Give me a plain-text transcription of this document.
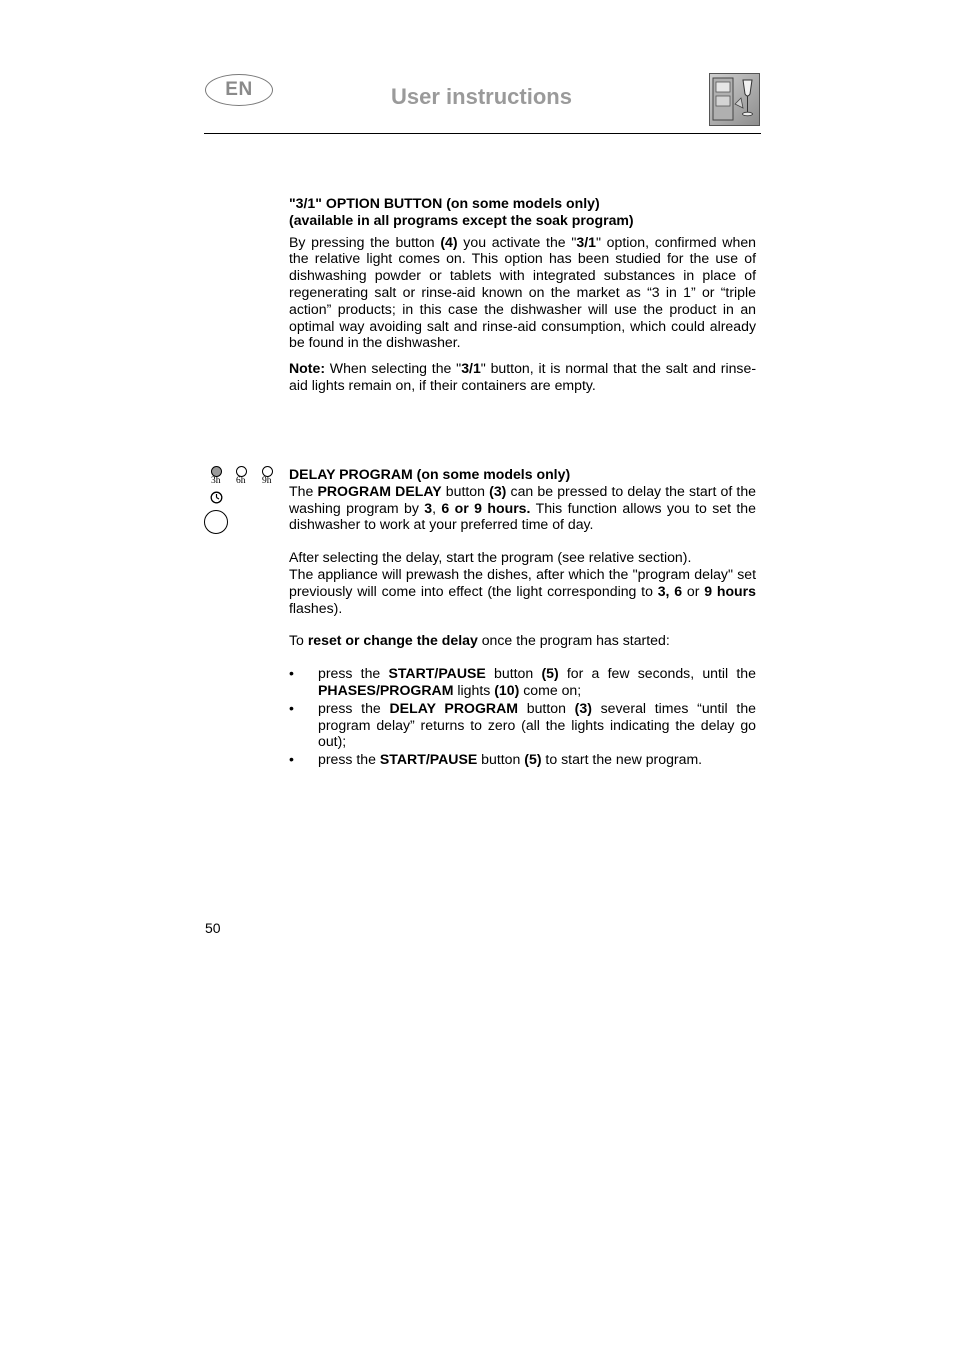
EN	User instructions
"3/1" OPTION BUTTON (on some models only)
(available in all programs except the soak program)

By pressing the button (4) you activate the "3/1" option, confirmed when the relative light comes on. This option has been studied for the use of dishwashing powder or tablets with integrated substances in place of regenerating salt or rinse-aid known on the market as “3 in 1” or “triple action” products; in this case the dishwasher will use the product in an optimal way avoiding salt and rinse-aid consumption, which could already be found in the dishwasher.

Note: When selecting the "3/1" button, it is normal that the salt and rinse-aid lights remain on, if their containers are empty.

3h 6h 9h DELAY PROGRAM (on some models only)

The PROGRAM DELAY button (3) can be pressed to delay the start of the washing program by 3, 6 or 9 hours. This function allows you to set the dishwasher to work at your preferred time of day.

After selecting the delay, start the program (see relative section).

The appliance will prewash the dishes, after which the "program delay" set previously will come into effect (the light corresponding to 3, 6 or 9 hours flashes).

To reset or change the delay once the program has started:

• press the START/PAUSE button (5) for a few seconds, until the PHASES/PROGRAM lights (10) come on;
• press the DELAY PROGRAM button (3) several times “until the program delay” returns to zero (all the lights indicating the delay go out);
• press the START/PAUSE button (5) to start the new program.
50
